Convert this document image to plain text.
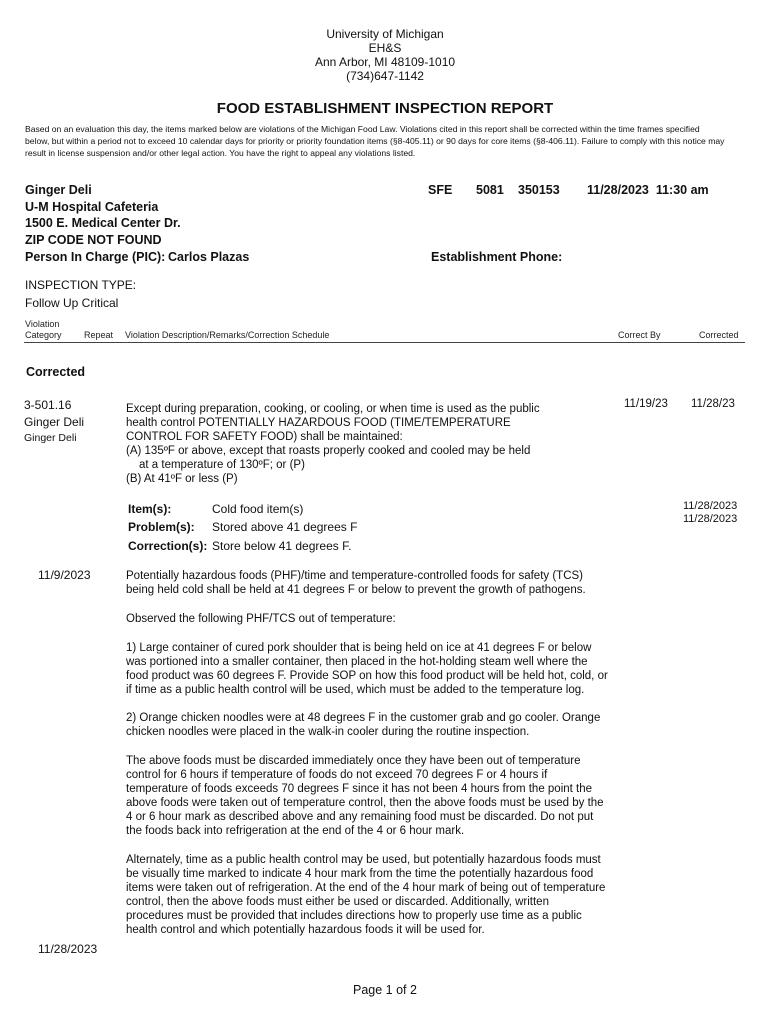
University of Michigan
EH&S
Ann Arbor, MI 48109-1010
(734)647-1142
FOOD ESTABLISHMENT INSPECTION REPORT
Based on an evaluation this day, the items marked below are violations of the Michigan Food Law. Violations cited in this report shall be corrected within the time frames specified below, but within a period not to exceed 10 calendar days for priority or priority foundation items (§8-405.11) or 90 days for core items (§8-406.11). Failure to comply with this notice may result in license suspension and/or other legal action. You have the right to appeal any violations listed.
Ginger Deli
U-M Hospital Cafeteria
1500 E. Medical Center Dr.
ZIP CODE NOT FOUND
Person In Charge (PIC): Carlos Plazas
SFE 5081 350153 11/28/2023  11:30 am
Establishment Phone:
INSPECTION TYPE:
Follow Up Critical
Violation
Category Repeat Violation Description/Remarks/Correction Schedule	Correct By	Corrected
Corrected
3-501.16
Ginger Deli
Ginger Deli
Except during preparation, cooking, or cooling, or when time is used as the public
health control POTENTIALLY HAZARDOUS FOOD (TIME/TEMPERATURE
CONTROL FOR SAFETY FOOD) shall be maintained:
(A) 135ºF or above, except that roasts properly cooked and cooled may be held
at a temperature of 130ºF; or (P)
(B) At 41ºF or less (P)
11/19/23 11/28/23
Item(s):	Cold food item(s)
Problem(s): Stored above 41 degrees F
Correction(s): Store below 41 degrees F.
11/28/2023
11/28/2023
11/9/2023	Potentially hazardous foods (PHF)/time and temperature-controlled foods for safety (TCS)
being held cold shall be held at 41 degrees F or below to prevent the growth of pathogens.
Observed the following PHF/TCS out of temperature:
1) Large container of cured pork shoulder that is being held on ice at 41 degrees F or below
was portioned into a smaller container, then placed in the hot-holding steam well where the
food product was 60 degrees F. Provide SOP on how this food product will be held hot, cold, or
if time as a public health control will be used, which must be added to the temperature log.
2) Orange chicken noodles were at 48 degrees F in the customer grab and go cooler. Orange
chicken noodles were placed in the walk-in cooler during the routine inspection.
The above foods must be discarded immediately once they have been out of temperature
control for 6 hours if temperature of foods do not exceed 70 degrees F or 4 hours if
temperature of foods exceeds 70 degrees F since it has not been 4 hours from the point the
above foods were taken out of temperature control, then the above foods must be used by the
4 or 6 hour mark as described above and any remaining food must be discarded. Do not put
the foods back into refrigeration at the end of the 4 or 6 hour mark.
Alternately, time as a public health control may be used, but potentially hazardous foods must
be visually time marked to indicate 4 hour mark from the time the potentially hazardous food
items were taken out of refrigeration. At the end of the 4 hour mark of being out of temperature
control, then the above foods must either be used or discarded. Additionally, written
procedures must be provided that includes directions how to properly use time as a public
health control and which potentially hazardous foods it will be used for.
11/28/2023
Page 1 of 2
